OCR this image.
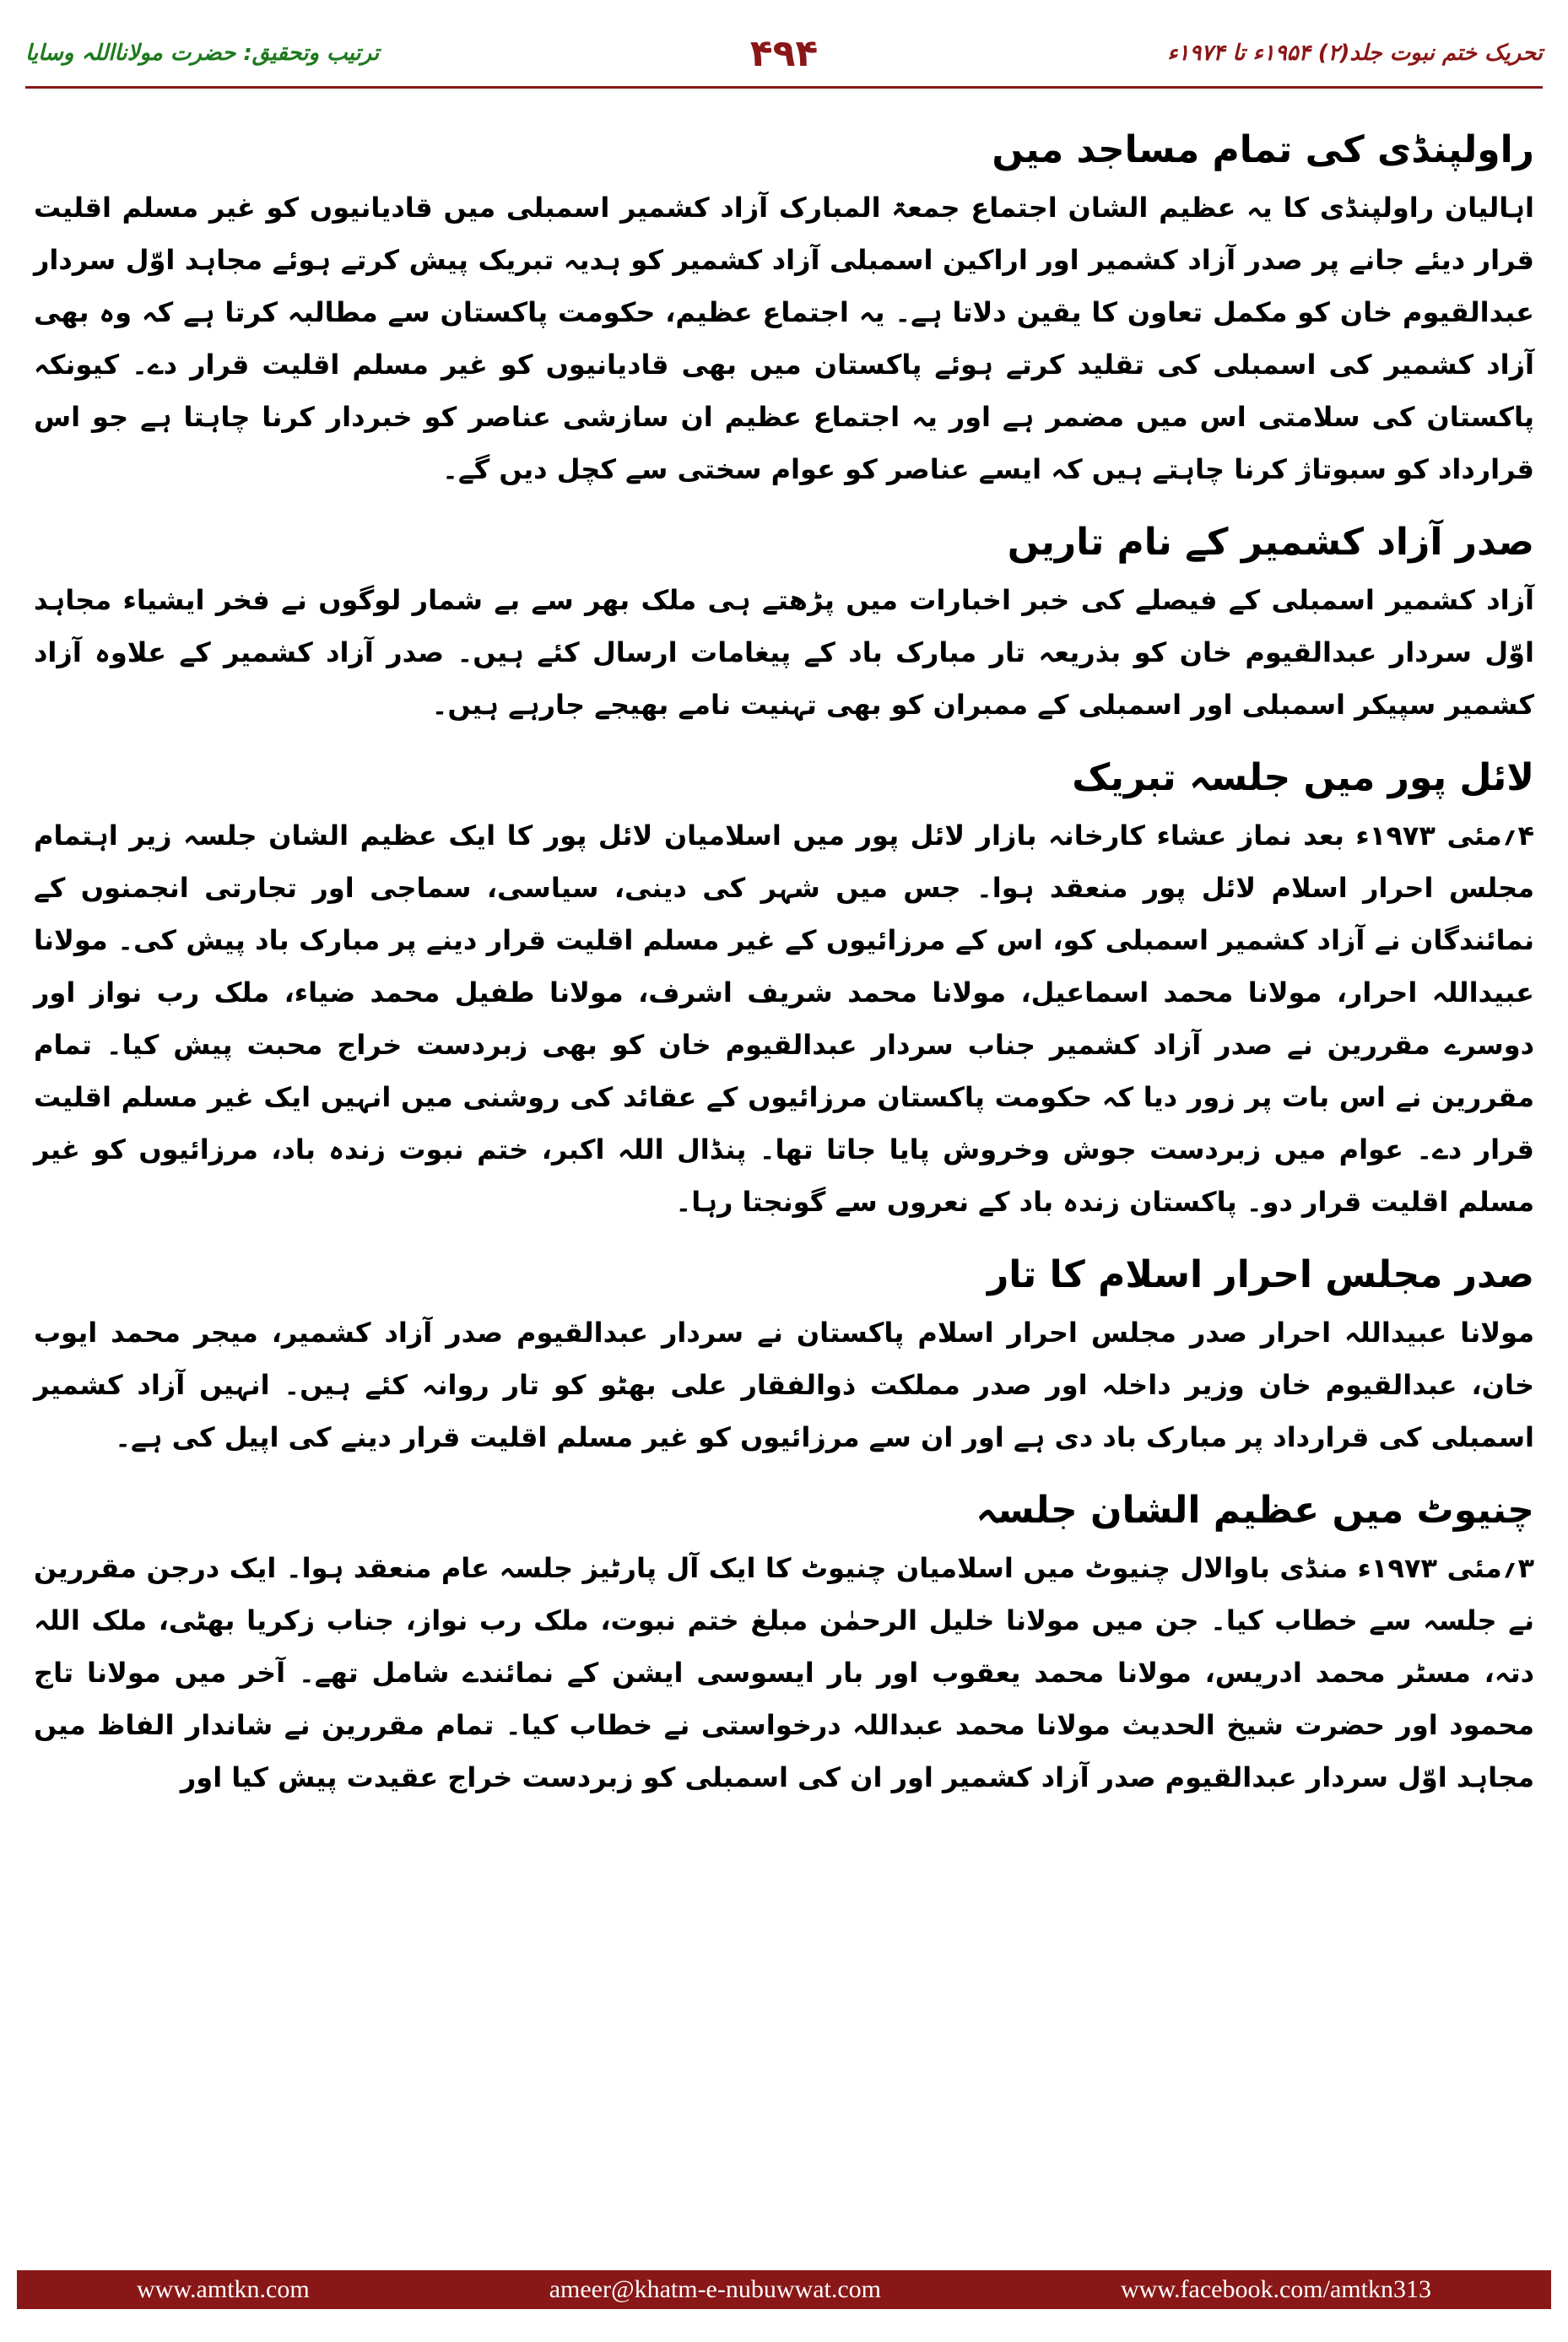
تحریک ختم نبوت جلد(۲) ۱۹۵۴ء تا ۱۹۷۴ء
۴۹۴
ترتیب وتحقیق: حضرت مولانااللہ وسایا
راولپنڈی کی تمام مساجد میں

اہالیان راولپنڈی کا یہ عظیم الشان اجتماع جمعۃ المبارک آزاد کشمیر اسمبلی میں قادیانیوں کو غیر مسلم اقلیت قرار دیئے جانے پر صدر آزاد کشمیر اور اراکین اسمبلی آزاد کشمیر کو ہدیہ تبریک پیش کرتے ہوئے مجاہد اوّل سردار عبدالقیوم خان کو مکمل تعاون کا یقین دلاتا ہے۔ یہ اجتماع عظیم، حکومت پاکستان سے مطالبہ کرتا ہے کہ وہ بھی آزاد کشمیر کی اسمبلی کی تقلید کرتے ہوئے پاکستان میں بھی قادیانیوں کو غیر مسلم اقلیت قرار دے۔ کیونکہ پاکستان کی سلامتی اس میں مضمر ہے اور یہ اجتماع عظیم ان سازشی عناصر کو خبردار کرنا چاہتا ہے جو اس قرارداد کو سبوتاژ کرنا چاہتے ہیں کہ ایسے عناصر کو عوام سختی سے کچل دیں گے۔

صدر آزاد کشمیر کے نام تاریں

آزاد کشمیر اسمبلی کے فیصلے کی خبر اخبارات میں پڑھتے ہی ملک بھر سے بے شمار لوگوں نے فخر ایشیاء مجاہد اوّل سردار عبدالقیوم خان کو بذریعہ تار مبارک باد کے پیغامات ارسال کئے ہیں۔ صدر آزاد کشمیر کے علاوہ آزاد کشمیر سپیکر اسمبلی اور اسمبلی کے ممبران کو بھی تہنیت نامے بھیجے جارہے ہیں۔

لائل پور میں جلسہ تبریک

۴؍مئی ۱۹۷۳ء بعد نماز عشاء کارخانہ بازار لائل پور میں اسلامیان لائل پور کا ایک عظیم الشان جلسہ زیر اہتمام مجلس احرار اسلام لائل پور منعقد ہوا۔ جس میں شہر کی دینی، سیاسی، سماجی اور تجارتی انجمنوں کے نمائندگان نے آزاد کشمیر اسمبلی کو، اس کے مرزائیوں کے غیر مسلم اقلیت قرار دینے پر مبارک باد پیش کی۔ مولانا عبیداللہ احرار، مولانا محمد اسماعیل، مولانا محمد شریف اشرف، مولانا طفیل محمد ضیاء، ملک رب نواز اور دوسرے مقررین نے صدر آزاد کشمیر جناب سردار عبدالقیوم خان کو بھی زبردست خراج محبت پیش کیا۔ تمام مقررین نے اس بات پر زور دیا کہ حکومت پاکستان مرزائیوں کے عقائد کی روشنی میں انہیں ایک غیر مسلم اقلیت قرار دے۔ عوام میں زبردست جوش وخروش پایا جاتا تھا۔ پنڈال اللہ اکبر، ختم نبوت زندہ باد، مرزائیوں کو غیر مسلم اقلیت قرار دو۔ پاکستان زندہ باد کے نعروں سے گونجتا رہا۔

صدر مجلس احرار اسلام کا تار

مولانا عبیداللہ احرار صدر مجلس احرار اسلام پاکستان نے سردار عبدالقیوم صدر آزاد کشمیر، میجر محمد ایوب خان، عبدالقیوم خان وزیر داخلہ اور صدر مملکت ذوالفقار علی بھٹو کو تار روانہ کئے ہیں۔ انہیں آزاد کشمیر اسمبلی کی قرارداد پر مبارک باد دی ہے اور ان سے مرزائیوں کو غیر مسلم اقلیت قرار دینے کی اپیل کی ہے۔

چنیوٹ میں عظیم الشان جلسہ

۳؍مئی ۱۹۷۳ء منڈی باوالال چنیوٹ میں اسلامیان چنیوٹ کا ایک آل پارٹیز جلسہ عام منعقد ہوا۔ ایک درجن مقررین نے جلسہ سے خطاب کیا۔ جن میں مولانا خلیل الرحمٰن مبلغ ختم نبوت، ملک رب نواز، جناب زکریا بھٹی، ملک اللہ دتہ، مسٹر محمد ادریس، مولانا محمد یعقوب اور بار ایسوسی ایشن کے نمائندے شامل تھے۔ آخر میں مولانا تاج محمود اور حضرت شیخ الحدیث مولانا محمد عبداللہ درخواستی نے خطاب کیا۔ تمام مقررین نے شاندار الفاظ میں مجاہد اوّل سردار عبدالقیوم صدر آزاد کشمیر اور ان کی اسمبلی کو زبردست خراج عقیدت پیش کیا اور

www.amtkn.com	ameer@khatm-e-nubuwwat.com	www.facebook.com/amtkn313
